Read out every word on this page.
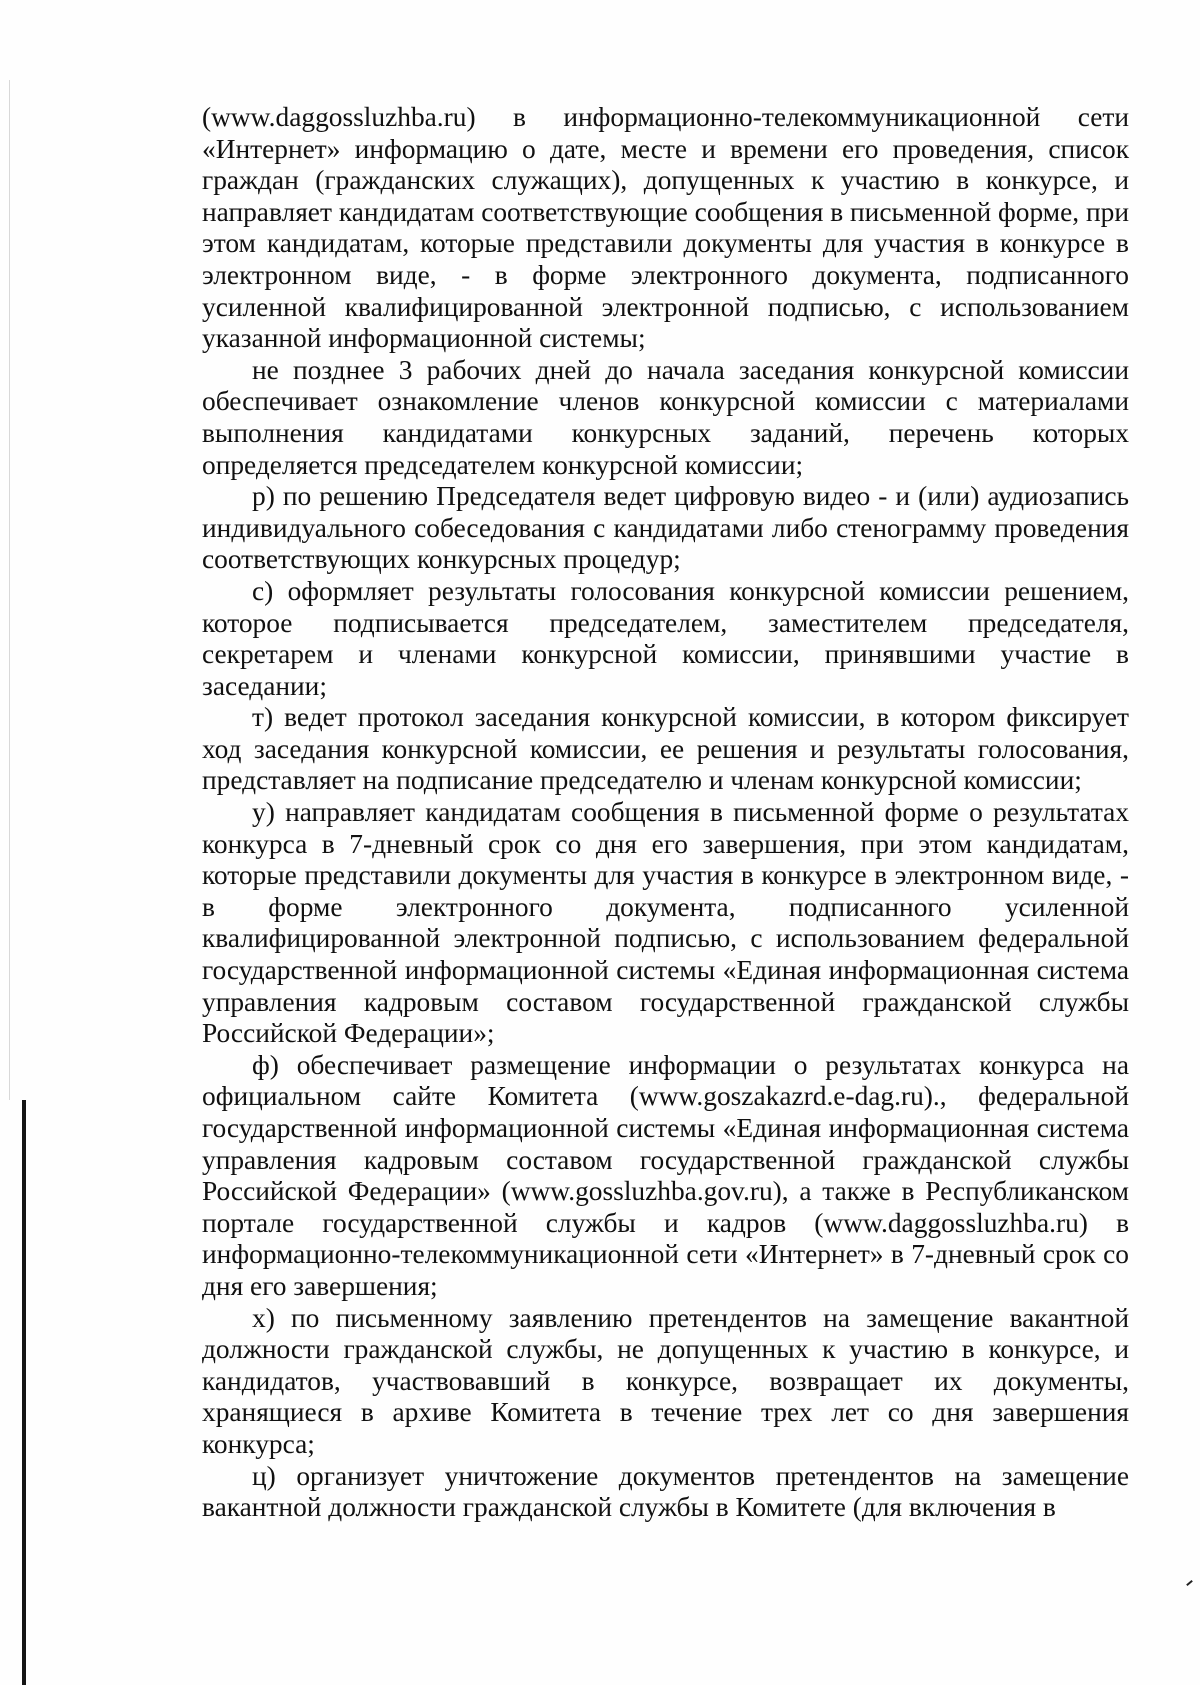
(www.daggossluzhba.ru) в информационно-телекоммуникационной сети «Интернет» информацию о дате, месте и времени его проведения, список граждан (гражданских служащих), допущенных к участию в конкурсе, и направляет кандидатам соответствующие сообщения в письменной форме, при этом кандидатам, которые представили документы для участия в конкурсе в электронном виде, - в форме электронного документа, подписанного усиленной квалифицированной электронной подписью, с использованием указанной информационной системы;

не позднее 3 рабочих дней до начала заседания конкурсной комиссии обеспечивает ознакомление членов конкурсной комиссии с материалами выполнения кандидатами конкурсных заданий, перечень которых определяется председателем конкурсной комиссии;

р) по решению Председателя ведет цифровую видео - и (или) аудиозапись индивидуального собеседования с кандидатами либо стенограмму проведения соответствующих конкурсных процедур;

с) оформляет результаты голосования конкурсной комиссии решением, которое подписывается председателем, заместителем председателя, секретарем и членами конкурсной комиссии, принявшими участие в заседании;

т) ведет протокол заседания конкурсной комиссии, в котором фиксирует ход заседания конкурсной комиссии, ее решения и результаты голосования, представляет на подписание председателю и членам конкурсной комиссии;

у) направляет кандидатам сообщения в письменной форме о результатах конкурса в 7-дневный срок со дня его завершения, при этом кандидатам, которые представили документы для участия в конкурсе в электронном виде, - в форме электронного документа, подписанного усиленной квалифицированной электронной подписью, с использованием федеральной государственной информационной системы «Единая информационная система управления кадровым составом государственной гражданской службы Российской Федерации»;

ф) обеспечивает размещение информации о результатах конкурса на официальном сайте Комитета (www.goszakazrd.e-dag.ru)., федеральной государственной информационной системы «Единая информационная система управления кадровым составом государственной гражданской службы Российской Федерации» (www.gossluzhba.gov.ru), а также в Республиканском портале государственной службы и кадров (www.daggossluzhba.ru) в информационно-телекоммуникационной сети «Интернет» в 7-дневный срок со дня его завершения;

х) по письменному заявлению претендентов на замещение вакантной должности гражданской службы, не допущенных к участию в конкурсе, и кандидатов, участвовавший в конкурсе, возвращает их документы, хранящиеся в архиве Комитета в течение трех лет со дня завершения конкурса;

ц) организует уничтожение документов претендентов на замещение вакантной должности гражданской службы в Комитете (для включения в
